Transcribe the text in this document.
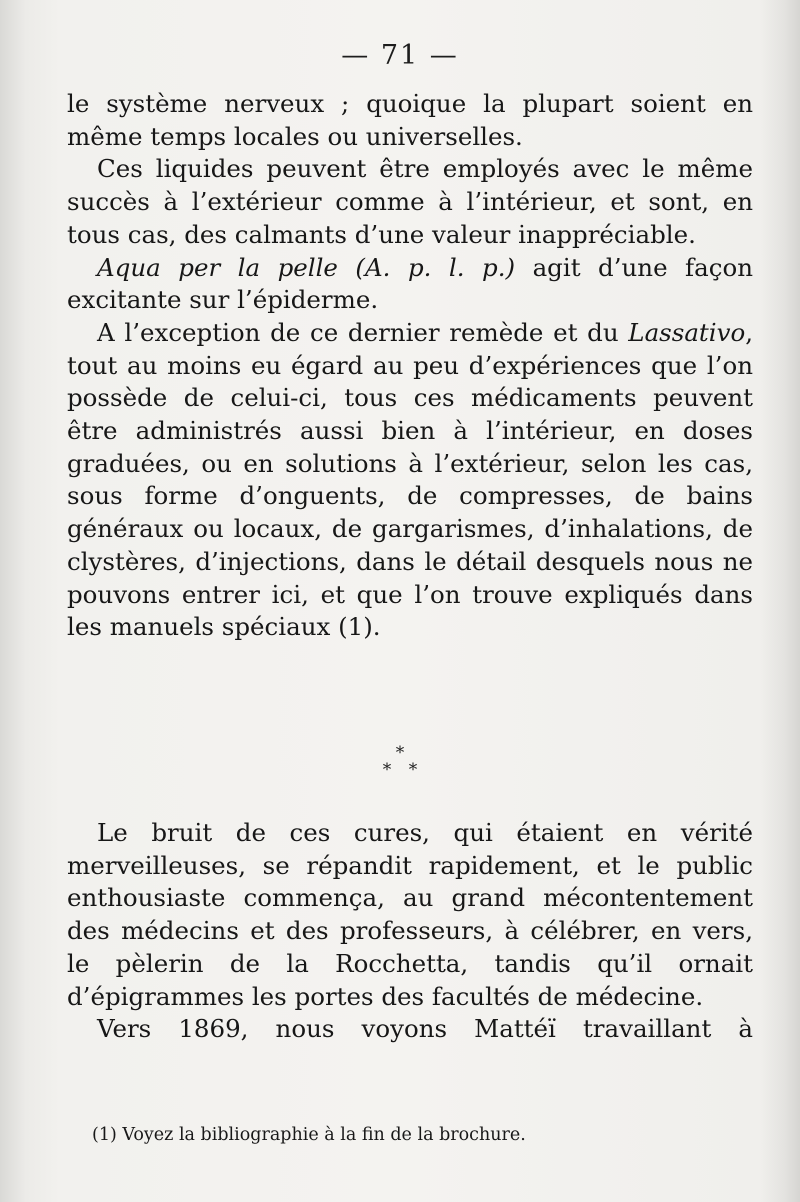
— 71 —

le système nerveux ; quoique la plupart soient en même temps locales ou universelles.

Ces liquides peuvent être employés avec le même succès à l’extérieur comme à l’intérieur, et sont, en tous cas, des calmants d’une valeur inappréciable.

Aqua per la pelle (A. p. l. p.) agit d’une façon excitante sur l’épiderme.

A l’exception de ce dernier remède et du Lassativo, tout au moins eu égard au peu d’expériences que l’on possède de celui-ci, tous ces médicaments peuvent être administrés aussi bien à l’intérieur, en doses graduées, ou en solutions à l’extérieur, selon les cas, sous forme d’onguents, de compresses, de bains généraux ou locaux, de gargarismes, d’inhalations, de clystères, d’injections, dans le détail desquels nous ne pouvons entrer ici, et que l’on trouve expliqués dans les manuels spéciaux (1).

*
* *

Le bruit de ces cures, qui étaient en vérité merveilleuses, se répandit rapidement, et le public enthousiaste commença, au grand mécontentement des médecins et des professeurs, à célébrer, en vers, le pèlerin de la Rocchetta, tandis qu’il ornait d’épigrammes les portes des facultés de médecine.

Vers 1869, nous voyons Mattéï travaillant à

(1) Voyez la bibliographie à la fin de la brochure.
